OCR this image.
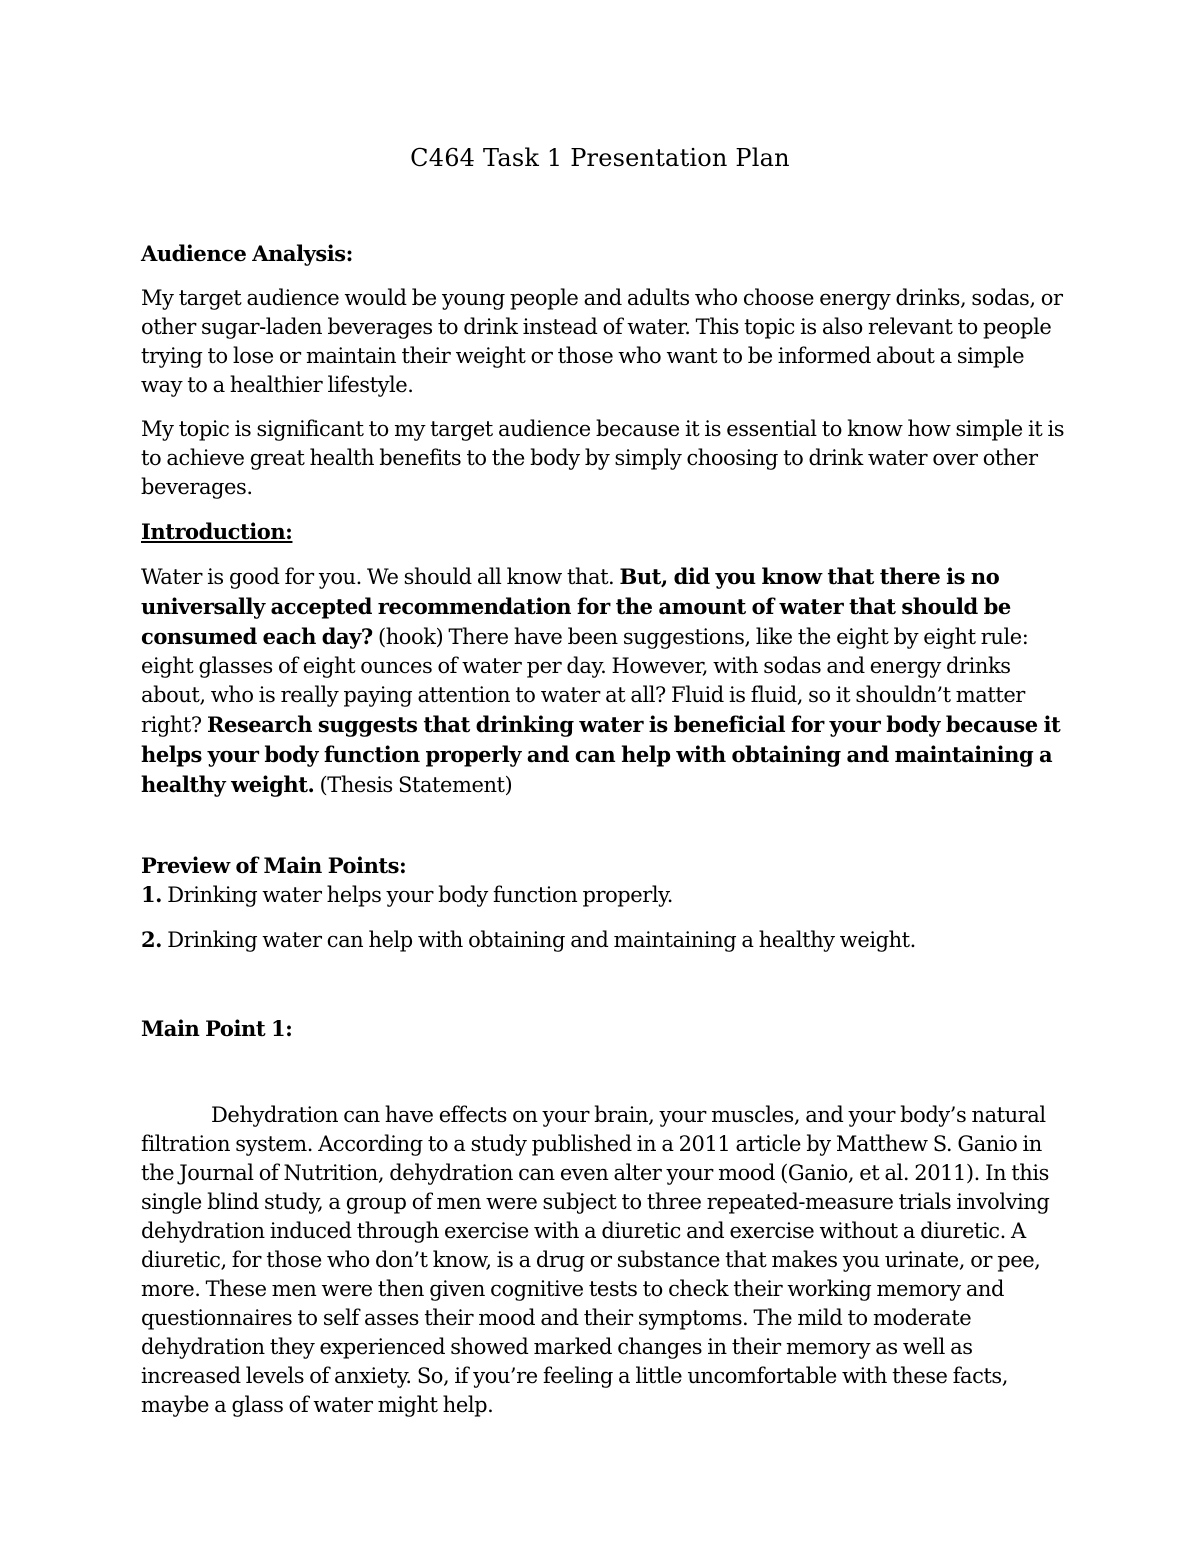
C464 Task 1 Presentation Plan
Audience Analysis:

My target audience would be young people and adults who choose energy drinks, sodas, or other sugar-laden beverages to drink instead of water. This topic is also relevant to people trying to lose or maintain their weight or those who want to be informed about a simple way to a healthier lifestyle.

My topic is significant to my target audience because it is essential to know how simple it is to achieve great health benefits to the body by simply choosing to drink water over other beverages.

Introduction:

Water is good for you. We should all know that. But, did you know that there is no universally accepted recommendation for the amount of water that should be consumed each day? (hook) There have been suggestions, like the eight by eight rule: eight glasses of eight ounces of water per day. However, with sodas and energy drinks about, who is really paying attention to water at all? Fluid is fluid, so it shouldn’t matter right? Research suggests that drinking water is beneficial for your body because it helps your body function properly and can help with obtaining and maintaining a healthy weight. (Thesis Statement)

Preview of Main Points:

1. Drinking water helps your body function properly.

2. Drinking water can help with obtaining and maintaining a healthy weight.

Main Point 1:

Dehydration can have effects on your brain, your muscles, and your body’s natural filtration system. According to a study published in a 2011 article by Matthew S. Ganio in the Journal of Nutrition, dehydration can even alter your mood (Ganio, et al. 2011). In this single blind study, a group of men were subject to three repeated-measure trials involving dehydration induced through exercise with a diuretic and exercise without a diuretic. A diuretic, for those who don’t know, is a drug or substance that makes you urinate, or pee, more. These men were then given cognitive tests to check their working memory and questionnaires to self asses their mood and their symptoms. The mild to moderate dehydration they experienced showed marked changes in their memory as well as increased levels of anxiety. So, if you’re feeling a little uncomfortable with these facts, maybe a glass of water might help.
